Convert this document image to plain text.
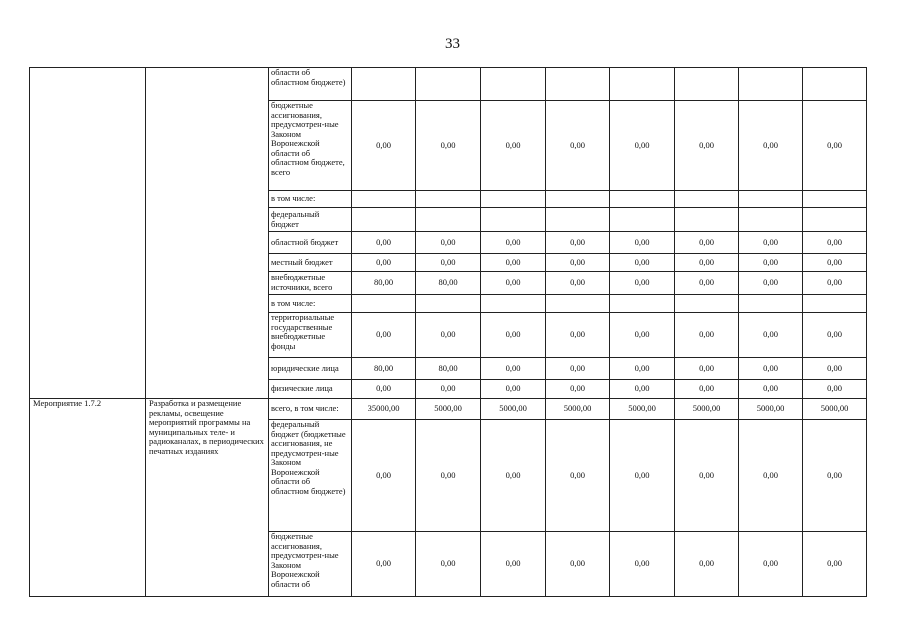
33
		области об областном бюджете)								
		бюджетные ассигнования, предусмотрен-ные Законом Воронежской области об областном бюджете, всего	0,00	0,00	0,00	0,00	0,00	0,00	0,00	0,00
		в том числе:								
		федеральный бюджет								
		областной бюджет	0,00	0,00	0,00	0,00	0,00	0,00	0,00	0,00
		местный бюджет	0,00	0,00	0,00	0,00	0,00	0,00	0,00	0,00
		внебюджетные источники, всего	80,00	80,00	0,00	0,00	0,00	0,00	0,00	0,00
		в том числе:								
		территориальные государственные внебюджетные фонды	0,00	0,00	0,00	0,00	0,00	0,00	0,00	0,00
		юридические лица	80,00	80,00	0,00	0,00	0,00	0,00	0,00	0,00
		физические лица	0,00	0,00	0,00	0,00	0,00	0,00	0,00	0,00
Мероприятие 1.7.2	Разработка и размещение рекламы, освещение мероприятий программы на муниципальных теле- и радиоканалах, в периодических печатных изданиях	всего, в том числе:	35000,00	5000,00	5000,00	5000,00	5000,00	5000,00	5000,00	5000,00
		федеральный бюджет (бюджетные ассигнования, не предусмотрен-ные Законом Воронежской области об областном бюджете)	0,00	0,00	0,00	0,00	0,00	0,00	0,00	0,00
		бюджетные ассигнования, предусмотрен-ные Законом Воронежской области об	0,00	0,00	0,00	0,00	0,00	0,00	0,00	0,00
